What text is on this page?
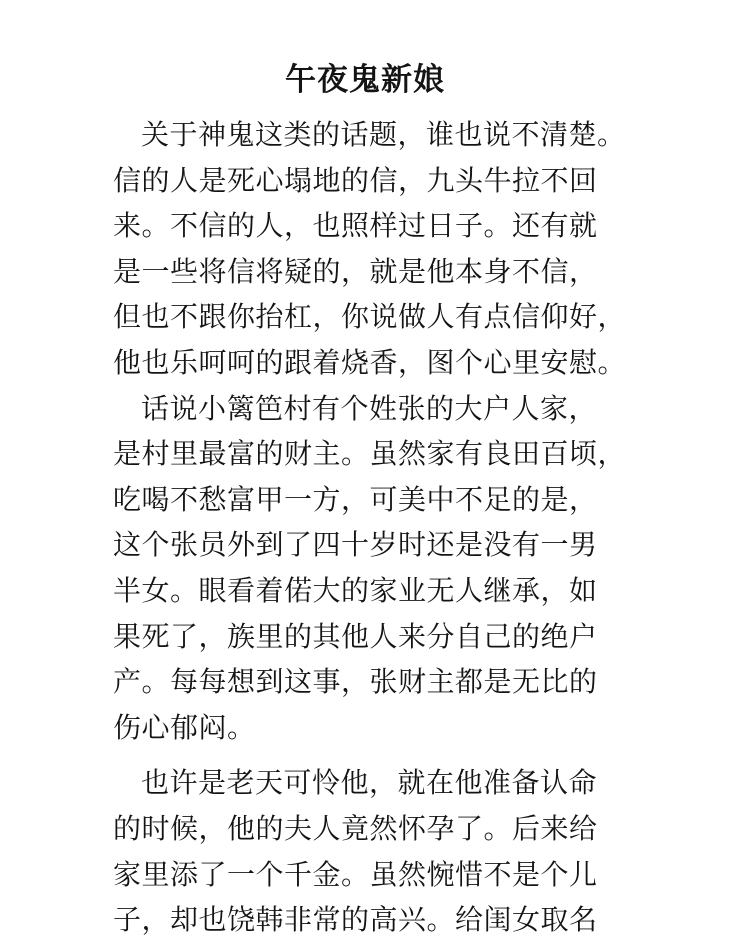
午夜鬼新娘
关于神鬼这类的话题，谁也说不清楚。
信的人是死心塌地的信，九头牛拉不回
来。不信的人，也照样过日子。还有就
是一些将信将疑的，就是他本身不信，
但也不跟你抬杠，你说做人有点信仰好，
他也乐呵呵的跟着烧香，图个心里安慰。
话说小篱笆村有个姓张的大户人家，
是村里最富的财主。虽然家有良田百顷，
吃喝不愁富甲一方，可美中不足的是，
这个张员外到了四十岁时还是没有一男
半女。眼看着偌大的家业无人继承，如
果死了，族里的其他人来分自己的绝户
产。每每想到这事，张财主都是无比的
伤心郁闷。
也许是老天可怜他，就在他准备认命
的时候，他的夫人竟然怀孕了。后来给
家里添了一个千金。虽然惋惜不是个儿
子，却也饶韩非常的高兴。给闺女取名
